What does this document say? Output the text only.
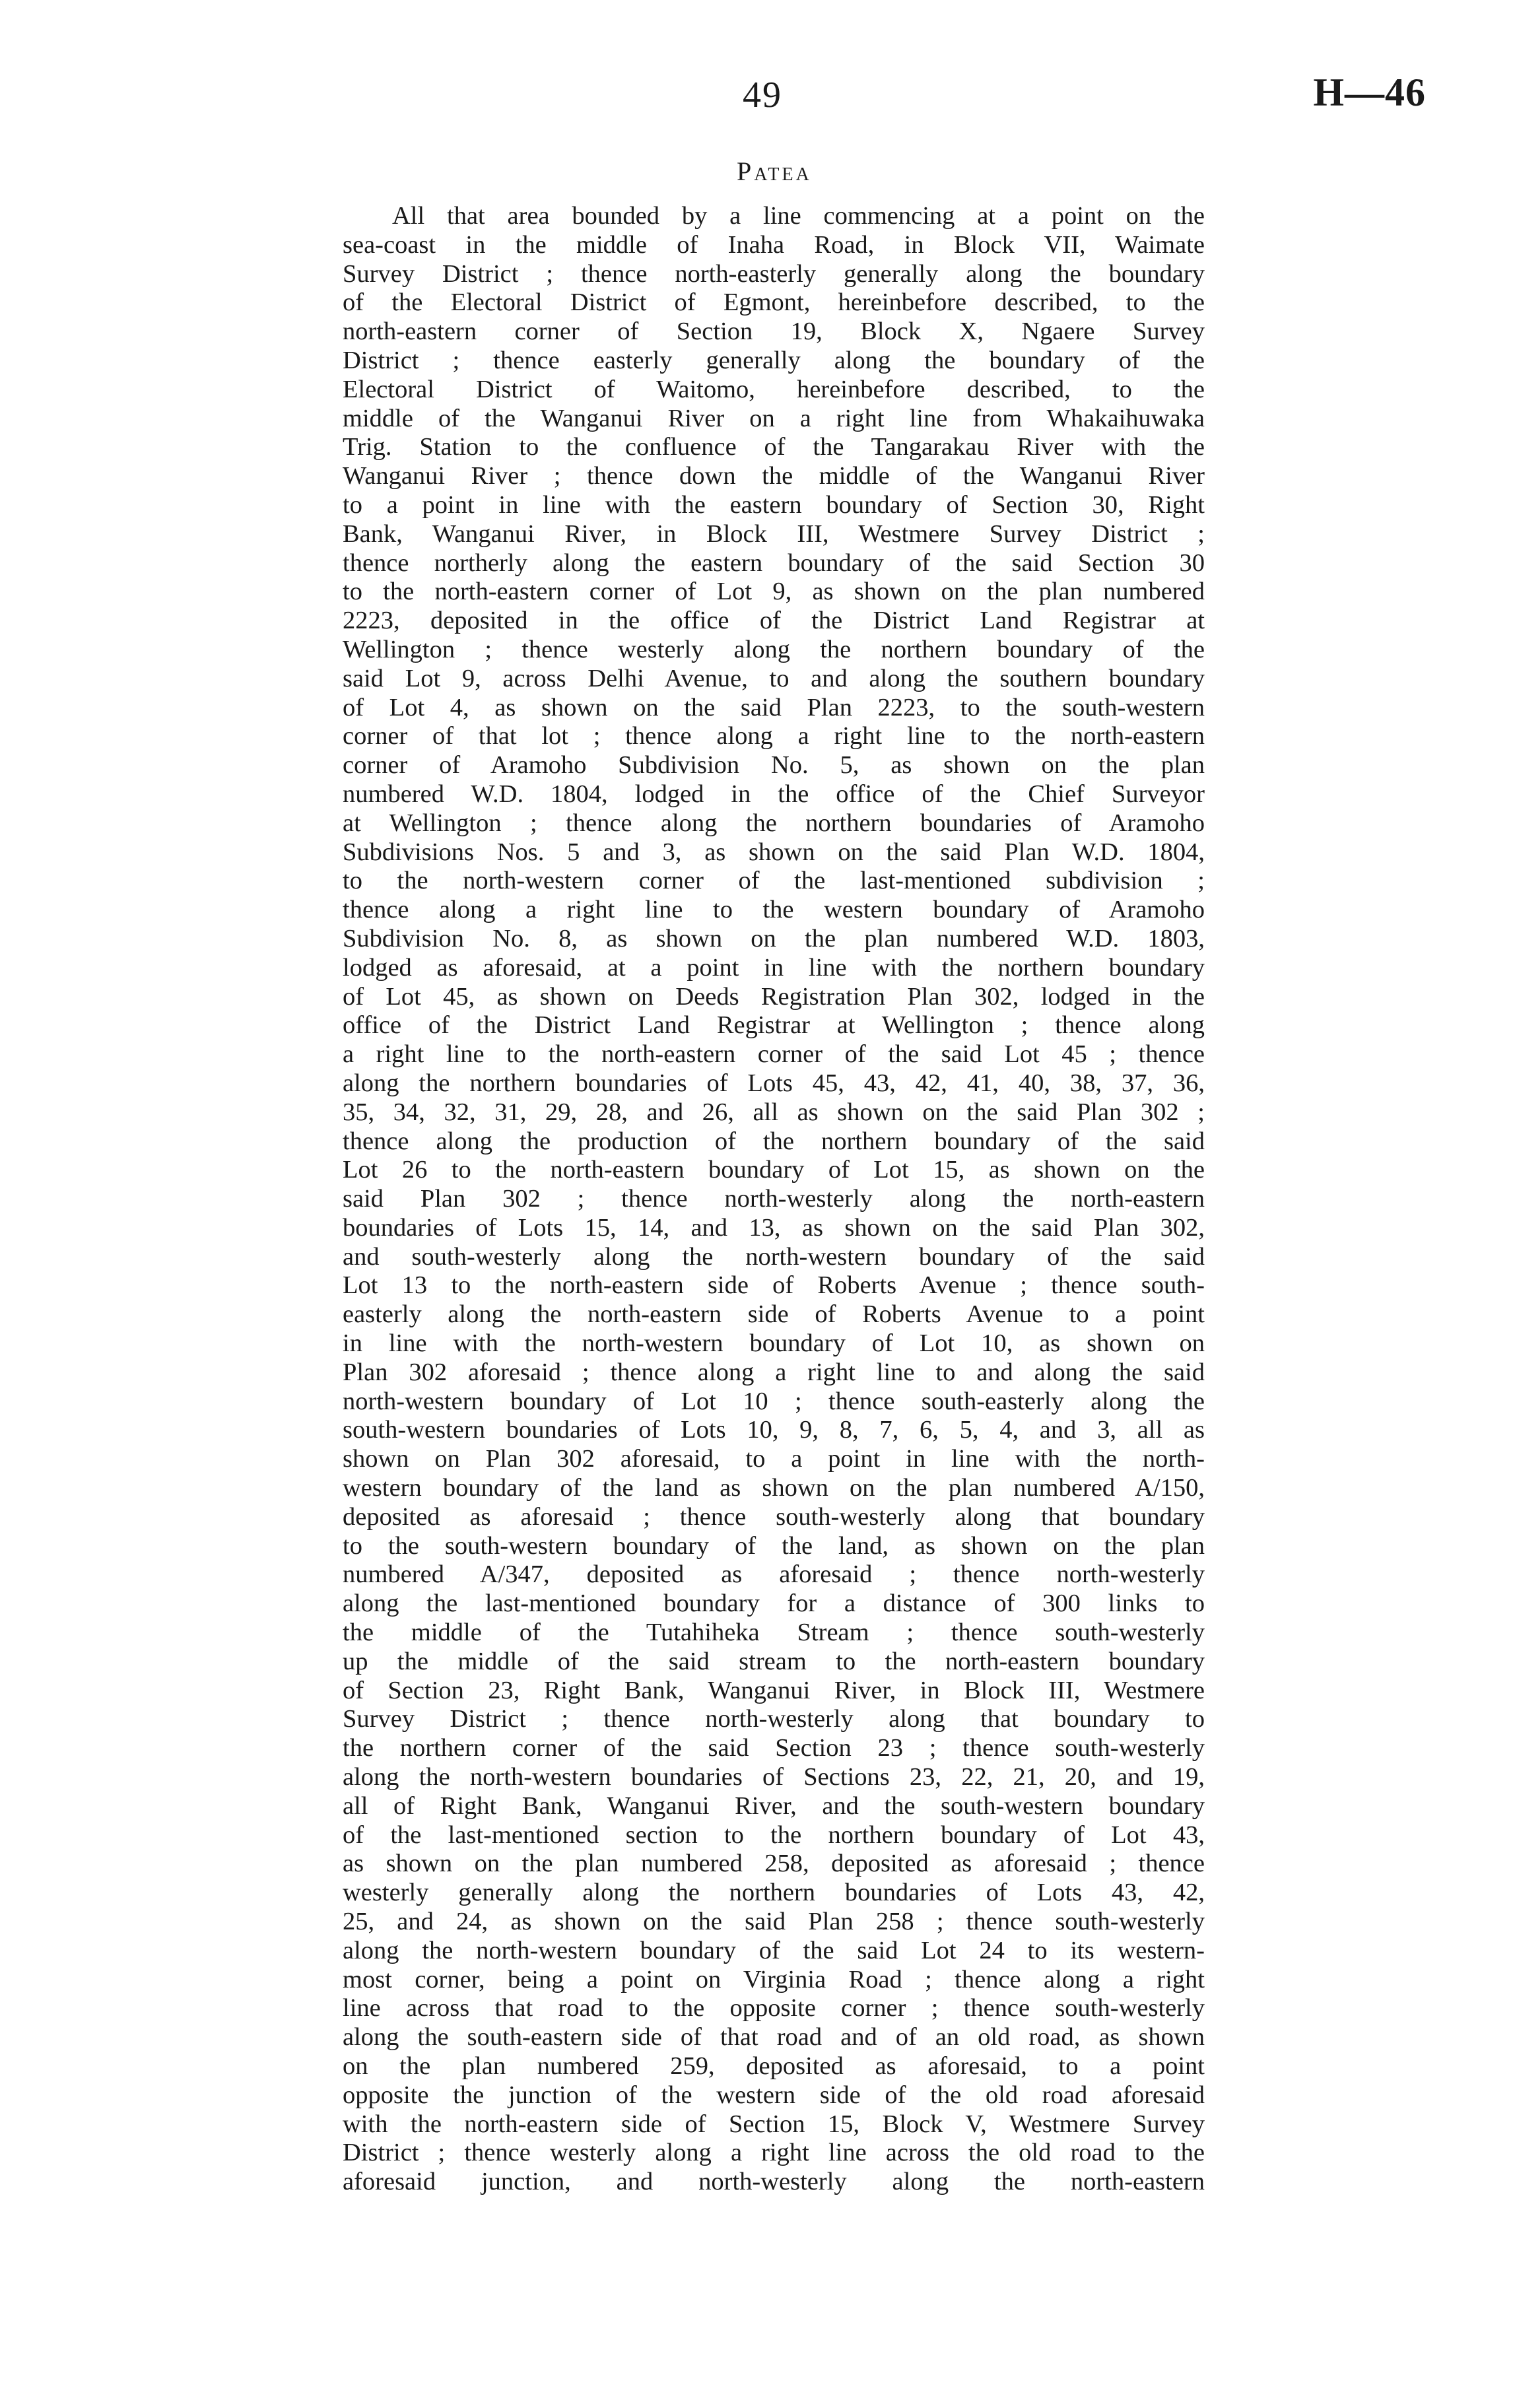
49	H—46
Patea
All that area bounded by a line commencing at a point on the
sea-coast in the middle of Inaha Road, in Block VII, Waimate
Survey District ; thence north-easterly generally along the boundary
of the Electoral District of Egmont, hereinbefore described, to the
north-eastern corner of Section 19, Block X, Ngaere Survey
District ; thence easterly generally along the boundary of the
Electoral District of Waitomo, hereinbefore described, to the
middle of the Wanganui River on a right line from Whakaihuwaka
Trig. Station to the confluence of the Tangarakau River with the
Wanganui River ; thence down the middle of the Wanganui River
to a point in line with the eastern boundary of Section 30, Right
Bank, Wanganui River, in Block III, Westmere Survey District ;
thence northerly along the eastern boundary of the said Section 30
to the north-eastern corner of Lot 9, as shown on the plan numbered
2223, deposited in the office of the District Land Registrar at
Wellington ; thence westerly along the northern boundary of the
said Lot 9, across Delhi Avenue, to and along the southern boundary
of Lot 4, as shown on the said Plan 2223, to the south-western
corner of that lot ; thence along a right line to the north-eastern
corner of Aramoho Subdivision No. 5, as shown on the plan
numbered W.D. 1804, lodged in the office of the Chief Surveyor
at Wellington ; thence along the northern boundaries of Aramoho
Subdivisions Nos. 5 and 3, as shown on the said Plan W.D. 1804,
to the north-western corner of the last-mentioned subdivision ;
thence along a right line to the western boundary of Aramoho
Subdivision No. 8, as shown on the plan numbered W.D. 1803,
lodged as aforesaid, at a point in line with the northern boundary
of Lot 45, as shown on Deeds Registration Plan 302, lodged in the
office of the District Land Registrar at Wellington ; thence along
a right line to the north-eastern corner of the said Lot 45 ; thence
along the northern boundaries of Lots 45, 43, 42, 41, 40, 38, 37, 36,
35, 34, 32, 31, 29, 28, and 26, all as shown on the said Plan 302 ;
thence along the production of the northern boundary of the said
Lot 26 to the north-eastern boundary of Lot 15, as shown on the
said Plan 302 ; thence north-westerly along the north-eastern
boundaries of Lots 15, 14, and 13, as shown on the said Plan 302,
and south-westerly along the north-western boundary of the said
Lot 13 to the north-eastern side of Roberts Avenue ; thence south-
easterly along the north-eastern side of Roberts Avenue to a point
in line with the north-western boundary of Lot 10, as shown on
Plan 302 aforesaid ; thence along a right line to and along the said
north-western boundary of Lot 10 ; thence south-easterly along the
south-western boundaries of Lots 10, 9, 8, 7, 6, 5, 4, and 3, all as
shown on Plan 302 aforesaid, to a point in line with the north-
western boundary of the land as shown on the plan numbered A/150,
deposited as aforesaid ; thence south-westerly along that boundary
to the south-western boundary of the land, as shown on the plan
numbered A/347, deposited as aforesaid ; thence north-westerly
along the last-mentioned boundary for a distance of 300 links to
the middle of the Tutahiheka Stream ; thence south-westerly
up the middle of the said stream to the north-eastern boundary
of Section 23, Right Bank, Wanganui River, in Block III, Westmere
Survey District ; thence north-westerly along that boundary to
the northern corner of the said Section 23 ; thence south-westerly
along the north-western boundaries of Sections 23, 22, 21, 20, and 19,
all of Right Bank, Wanganui River, and the south-western boundary
of the last-mentioned section to the northern boundary of Lot 43,
as shown on the plan numbered 258, deposited as aforesaid ; thence
westerly generally along the northern boundaries of Lots 43, 42,
25, and 24, as shown on the said Plan 258 ; thence south-westerly
along the north-western boundary of the said Lot 24 to its western-
most corner, being a point on Virginia Road ; thence along a right
line across that road to the opposite corner ; thence south-westerly
along the south-eastern side of that road and of an old road, as shown
on the plan numbered 259, deposited as aforesaid, to a point
opposite the junction of the western side of the old road aforesaid
with the north-eastern side of Section 15, Block V, Westmere Survey
District ; thence westerly along a right line across the old road to the
aforesaid junction, and north-westerly along the north-eastern
